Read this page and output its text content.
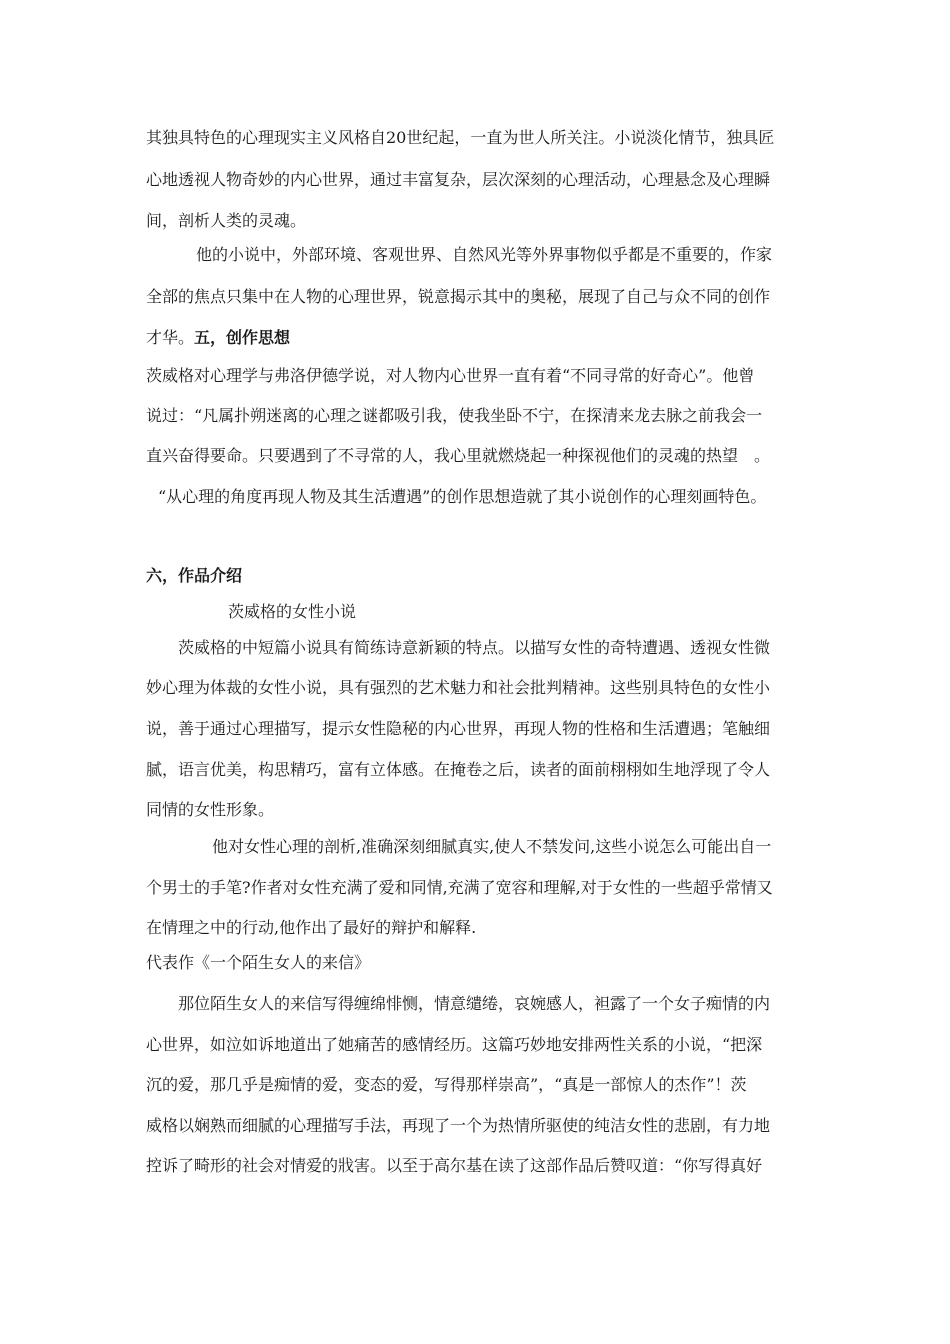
其独具特色的心理现实主义风格自20世纪起，一直为世人所关注。小说淡化情节，独具匠
心地透视人物奇妙的内心世界，通过丰富复杂，层次深刻的心理活动，心理悬念及心理瞬
间，剖析人类的灵魂。
他的小说中，外部环境、客观世界、自然风光等外界事物似乎都是不重要的，作家
全部的焦点只集中在人物的心理世界，锐意揭示其中的奥秘，展现了自己与众不同的创作
才华。五，创作思想
茨威格对心理学与弗洛伊德学说，对人物内心世界一直有着“不同寻常的好奇心”。他曾
说过：“凡属扑朔迷离的心理之谜都吸引我，使我坐卧不宁，在探清来龙去脉之前我会一
直兴奋得要命。只要遇到了不寻常的人，我心里就燃烧起一种探视他们的灵魂的热望　。
“从心理的角度再现人物及其生活遭遇”的创作思想造就了其小说创作的心理刻画特色。
六，作品介绍
茨威格的女性小说
茨威格的中短篇小说具有简练诗意新颖的特点。以描写女性的奇特遭遇、透视女性微
妙心理为体裁的女性小说，具有强烈的艺术魅力和社会批判精神。这些别具特色的女性小
说，善于通过心理描写，提示女性隐秘的内心世界，再现人物的性格和生活遭遇；笔触细
腻，语言优美，构思精巧，富有立体感。在掩卷之后，读者的面前栩栩如生地浮现了令人
同情的女性形象。
他对女性心理的剖析,准确深刻细腻真实,使人不禁发问,这些小说怎么可能出自一
个男士的手笔?作者对女性充满了爱和同情,充满了宽容和理解,对于女性的一些超乎常情又
在情理之中的行动,他作出了最好的辩护和解释.
代表作《一个陌生女人的来信》
那位陌生女人的来信写得缠绵悱恻，情意缱绻，哀婉感人，袒露了一个女子痴情的内
心世界，如泣如诉地道出了她痛苦的感情经历。这篇巧妙地安排两性关系的小说，“把深
沉的爱，那几乎是痴情的爱，变态的爱，写得那样崇高”，“真是一部惊人的杰作”！茨
威格以娴熟而细腻的心理描写手法，再现了一个为热情所驱使的纯洁女性的悲剧，有力地
控诉了畸形的社会对情爱的戕害。以至于高尔基在读了这部作品后赞叹道：“你写得真好
